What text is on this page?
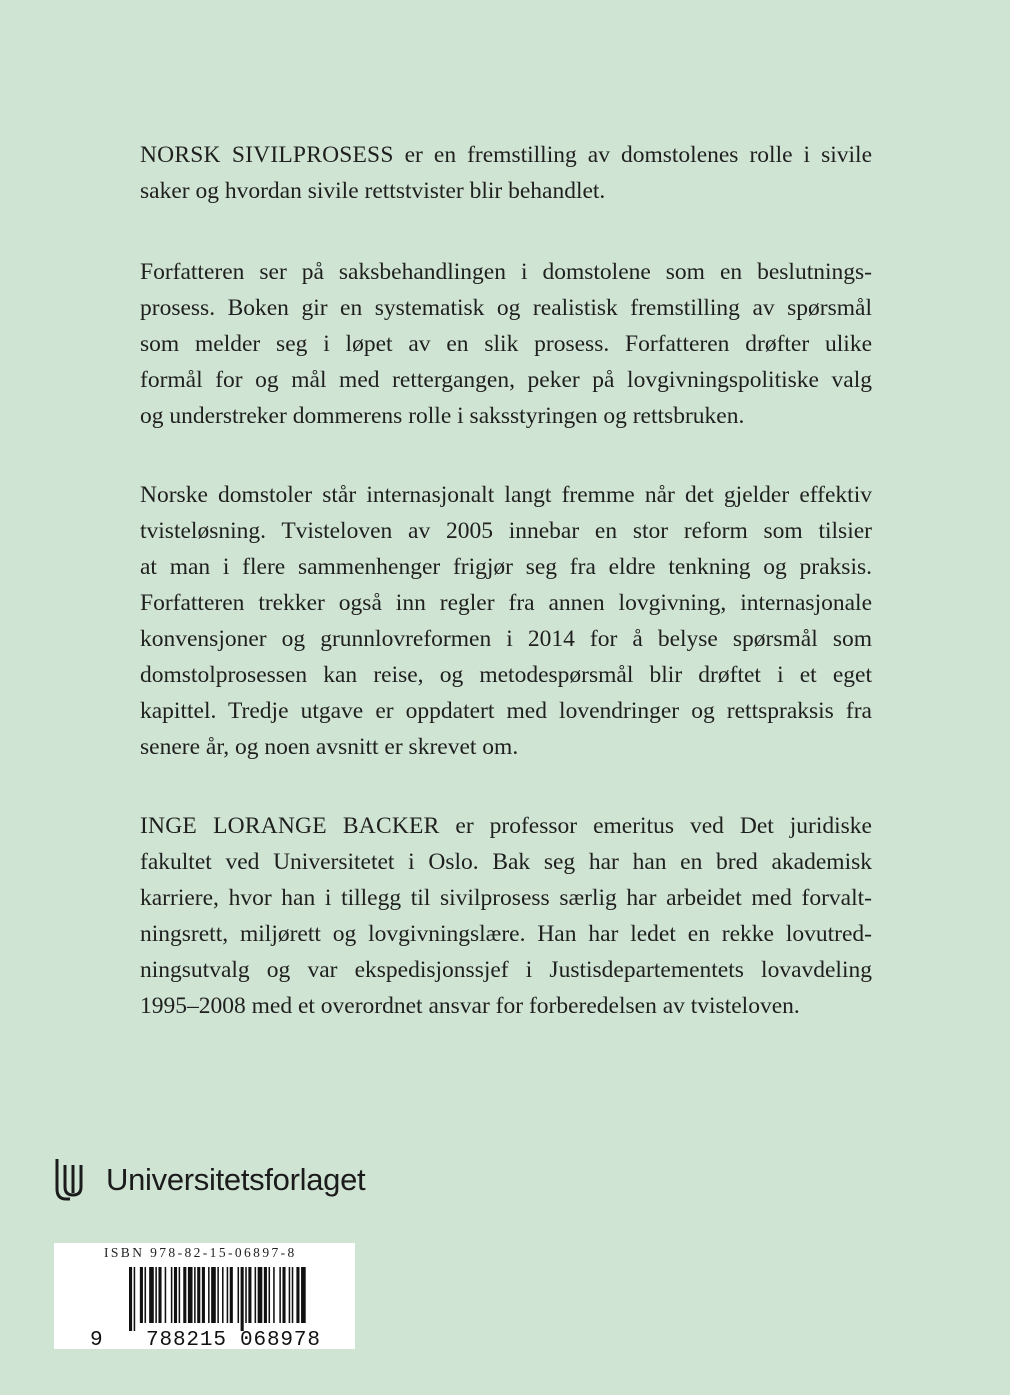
NORSK SIVILPROSESS er en fremstilling av domstolenes rolle i sivile
saker og hvordan sivile rettstvister blir behandlet.

Forfatteren ser på saksbehandlingen i domstolene som en beslutnings-
prosess. Boken gir en systematisk og realistisk fremstilling av spørsmål
som melder seg i løpet av en slik prosess. Forfatteren drøfter ulike
formål for og mål med rettergangen, peker på lovgivningspolitiske valg
og understreker dommerens rolle i saksstyringen og rettsbruken.

Norske domstoler står internasjonalt langt fremme når det gjelder effektiv
tvisteløsning. Tvisteloven av 2005 innebar en stor reform som tilsier
at man i flere sammenhenger frigjør seg fra eldre tenkning og praksis.
Forfatteren trekker også inn regler fra annen lovgivning, internasjonale
konvensjoner og grunnlovreformen i 2014 for å belyse spørsmål som
domstolprosessen kan reise, og metodespørsmål blir drøftet i et eget
kapittel. Tredje utgave er oppdatert med lovendringer og rettspraksis fra
senere år, og noen avsnitt er skrevet om.

INGE LORANGE BACKER er professor emeritus ved Det juridiske
fakultet ved Universitetet i Oslo. Bak seg har han en bred akademisk
karriere, hvor han i tillegg til sivilprosess særlig har arbeidet med forvalt-
ningsrett, miljørett og lovgivningslære. Han har ledet en rekke lovutred-
ningsutvalg og var ekspedisjonssjef i Justisdepartementets lovavdeling
1995–2008 med et overordnet ansvar for forberedelsen av tvisteloven.

Universitetsforlaget
ISBN 978-82-15-06897-8
9 788215 068978
